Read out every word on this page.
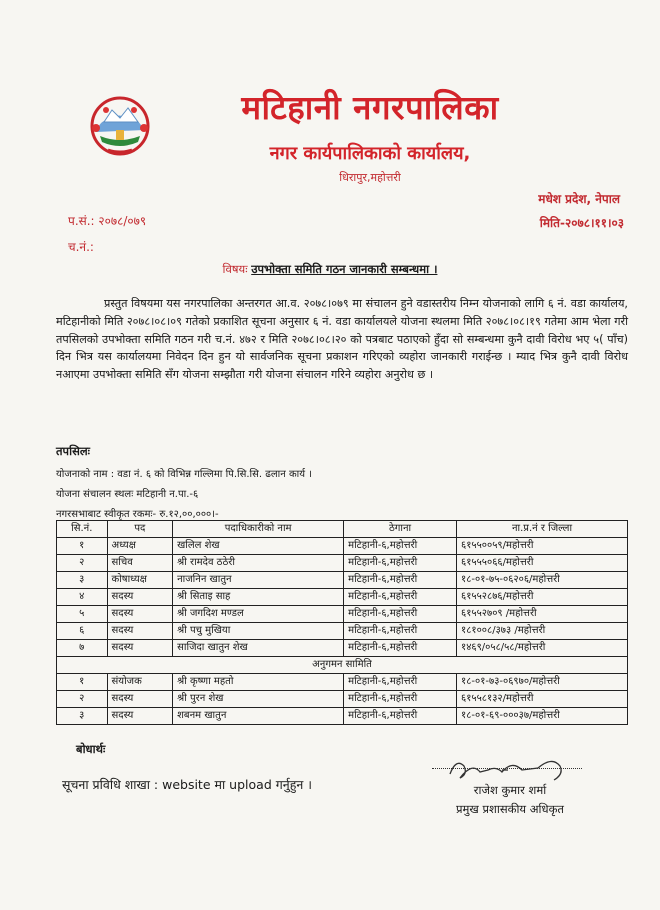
मटिहानी नगरपालिका
नगर कार्यपालिकाको कार्यालय,
धिरापुर,महोत्तरी
मधेश प्रदेश, नेपाल
प.सं.: २०७८/०७९	मिति-२०७८।११।०३
च.नं.:
विषयः उपभोक्ता समिति गठन जानकारी सम्बन्धमा ।
प्रस्तुत विषयमा यस नगरपालिका अन्तरगत आ.व. २०७८।०७९ मा संचालन हुने वडास्तरीय निम्न योजनाको लागि ६ नं. वडा कार्यालय, मटिहानीको मिति २०७८।०८।०९ गतेको प्रकाशित सूचना अनुसार ६ नं. वडा कार्यालयले योजना स्थलमा मिति २०७८।०८।१९ गतेमा आम भेला गरी तपसिलको उपभोक्ता समिति गठन गरी च.नं. ४७२ र मिति २०७८।०८।२० को पत्रबाट पठाएको हुँदा सो सम्बन्धमा कुनै दावी विरोध भए ५( पाँच) दिन भित्र यस कार्यालयमा निवेदन दिन हुन यो सार्वजनिक सूचना प्रकाशन गरिएको व्यहोरा जानकारी गराईन्छ । म्याद भित्र कुनै दावी विरोध नआएमा उपभोक्ता समिति सँग योजना सम्झौता गरी योजना संचालन गरिने व्यहोरा अनुरोध छ ।
तपसिलः
योजनाको नाम : वडा नं. ६ को विभिन्न गल्लिमा पि.सि.सि. ढलान कार्य ।
योजना संचालन स्थलः मटिहानी न.पा.-६
नगरसभाबाट स्वीकृत रकमः- रु.१२,००,०००।-
सि.नं.	पद	पदाधिकारीको नाम	ठेगाना	ना.प्र.नं र जिल्ला
१	अध्यक्ष	खलिल शेख	मटिहानी-६,महोत्तरी	६१५५००५९/महोत्तरी
२	सचिव	श्री रामदेव ठठेरी	मटिहानी-६,महोत्तरी	६१५५५०६६/महोत्तरी
३	कोषाध्यक्ष	नाजनिन खातुन	मटिहानी-६,महोत्तरी	१८-०१-७५-०६२०६/महोत्तरी
४	सदस्य	श्री सिताइ साह	मटिहानी-६,महोत्तरी	६१५५२८७६/महोत्तरी
५	सदस्य	श्री जगदिश मण्डल	मटिहानी-६,महोत्तरी	६१५५२७०९ /महोत्तरी
६	सदस्य	श्री पचु मुखिया	मटिहानी-६,महोत्तरी	१८१००८/३७३ /महोत्तरी
७	सदस्य	साजिदा खातुन शेख	मटिहानी-६,महोत्तरी	१४६९/०५८/५८/महोत्तरी
अनुगमन सामिति				
१	संयोजक	श्री कृष्णा महतो	मटिहानी-६,महोत्तरी	१८-०१-७३-०६९७०/महोत्तरी
२	सदस्य	श्री पुरन शेख	मटिहानी-६,महोत्तरी	६१५५८१३२/महोत्तरी
३	सदस्य	शबनम खातुन	मटिहानी-६,महोत्तरी	१८-०१-६९-०००३७/महोत्तरी
बोधार्थः
सूचना प्रविधि शाखा : website मा upload गर्नुहुन ।	राजेश कुमार शर्मा
प्रमुख प्रशासकीय अधिकृत
